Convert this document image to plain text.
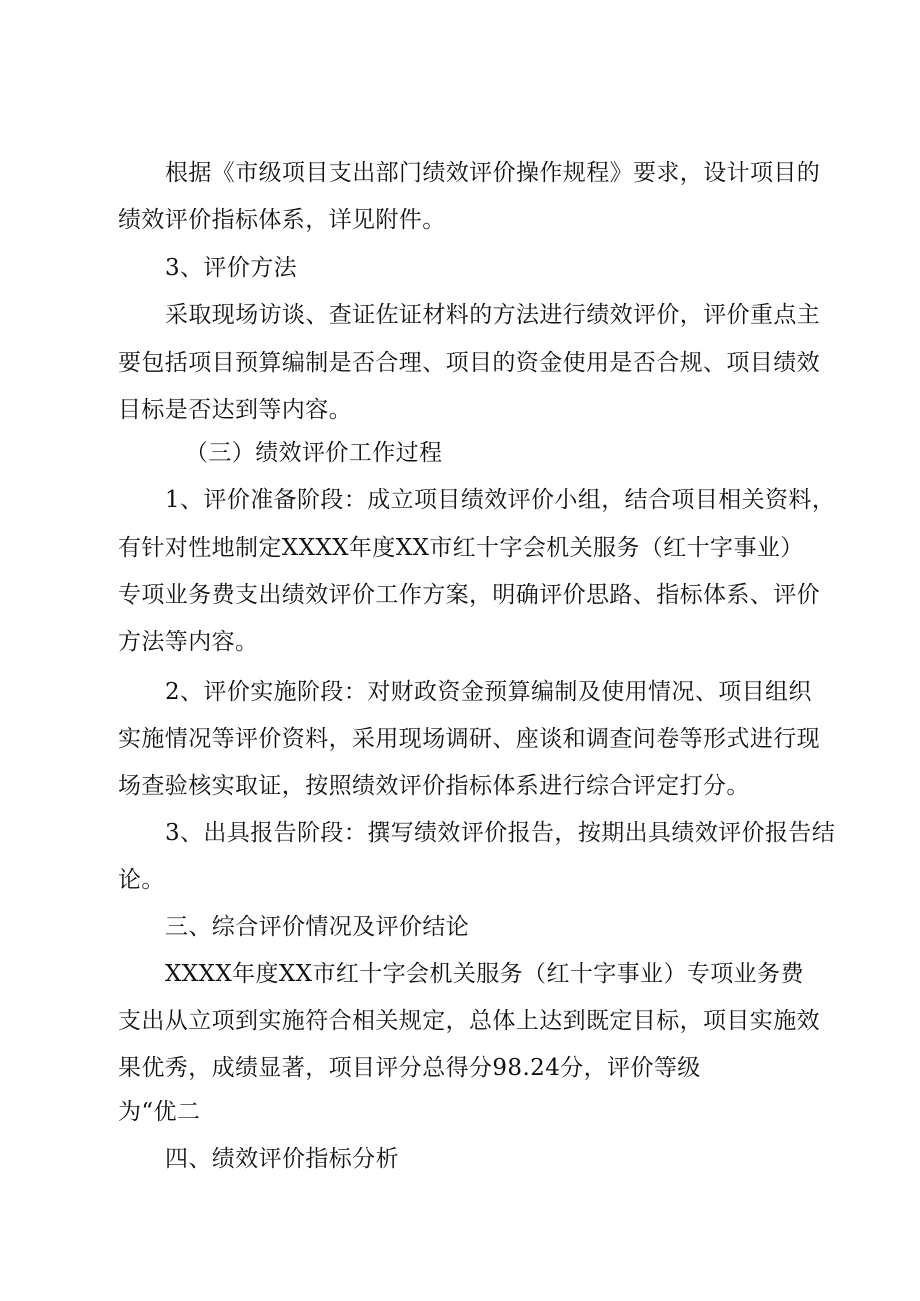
根据《市级项目支出部门绩效评价操作规程》要求，设计项目的
绩效评价指标体系，详见附件。
3、评价方法
采取现场访谈、查证佐证材料的方法进行绩效评价，评价重点主
要包括项目预算编制是否合理、项目的资金使用是否合规、项目绩效
目标是否达到等内容。
（三）绩效评价工作过程
1、评价准备阶段：成立项目绩效评价小组，结合项目相关资料，
有针对性地制定XXXX年度XX市红十字会机关服务（红十字事业）
专项业务费支出绩效评价工作方案，明确评价思路、指标体系、评价
方法等内容。
2、评价实施阶段：对财政资金预算编制及使用情况、项目组织
实施情况等评价资料，采用现场调研、座谈和调查问卷等形式进行现
场查验核实取证，按照绩效评价指标体系进行综合评定打分。
3、出具报告阶段：撰写绩效评价报告，按期出具绩效评价报告结
论。
三、综合评价情况及评价结论
XXXX年度XX市红十字会机关服务（红十字事业）专项业务费
支出从立项到实施符合相关规定，总体上达到既定目标，项目实施效
果优秀，成绩显著，项目评分总得分98.24分，评价等级
为“优二
四、绩效评价指标分析
